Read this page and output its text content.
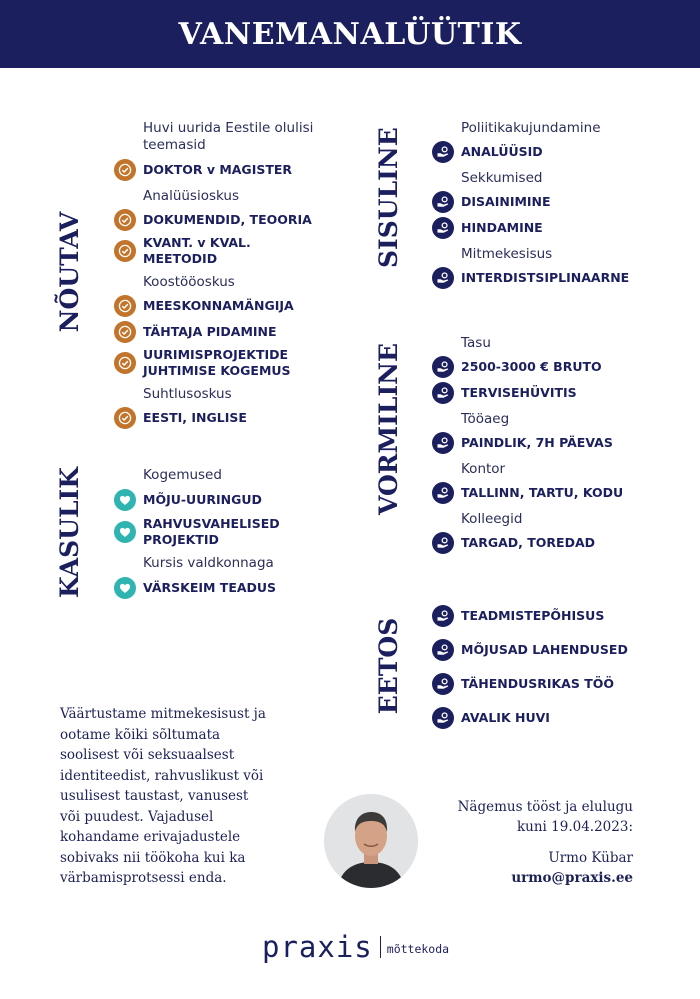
VANEMANALÜÜTIK
NÕUTAV
KASULIK
SISULINE
VORMILINE
EETOS
Huvi uurida Eestile olulisi teemasid
DOKTOR v MAGISTER
Analüüsioskus
DOKUMENDID, TEOORIA
KVANT. v KVAL. MEETODID
Koostööoskus
MEESKONNAMÄNGIJA
TÄHTAJA PIDAMINE
UURIMISPROJEKTIDE JUHTIMISE KOGEMUS
Suhtlusoskus
EESTI, INGLISE
Kogemused
MÕJU-UURINGUD
RAHVUSVAHELISED PROJEKTID
Kursis valdkonnaga
VÄRSKEIM TEADUS
Poliitikakujundamine
ANALÜÜSID
Sekkumised
DISAINIMINE
HINDAMINE
Mitmekesisus
INTERDISTSIPLINAARNE
Tasu
2500-3000 € BRUTO
TERVISEHÜVITIS
Tööaeg
PAINDLIK, 7H PÄEVAS
Kontor
TALLINN, TARTU, KODU
Kolleegid
TARGAD, TOREDAD
TEADMISTEPÕHISUS
MÕJUSAD LAHENDUSED
TÄHENDUSRIKAS TÖÖ
AVALIK HUVI
Väärtustame mitmekesisust ja ootame kõiki sõltumata soolisest või seksuaalsest identiteedist, rahvuslikust või usulisest taustast, vanusest või puudest. Vajadusel kohandame erivajadustele sobivaks nii töökoha kui ka värbamisprotsessi enda.
Nägemus tööst ja elulugu
kuni 19.04.2023:
Urmo Kübar
urmo@praxis.ee
praxis mõttekoda
